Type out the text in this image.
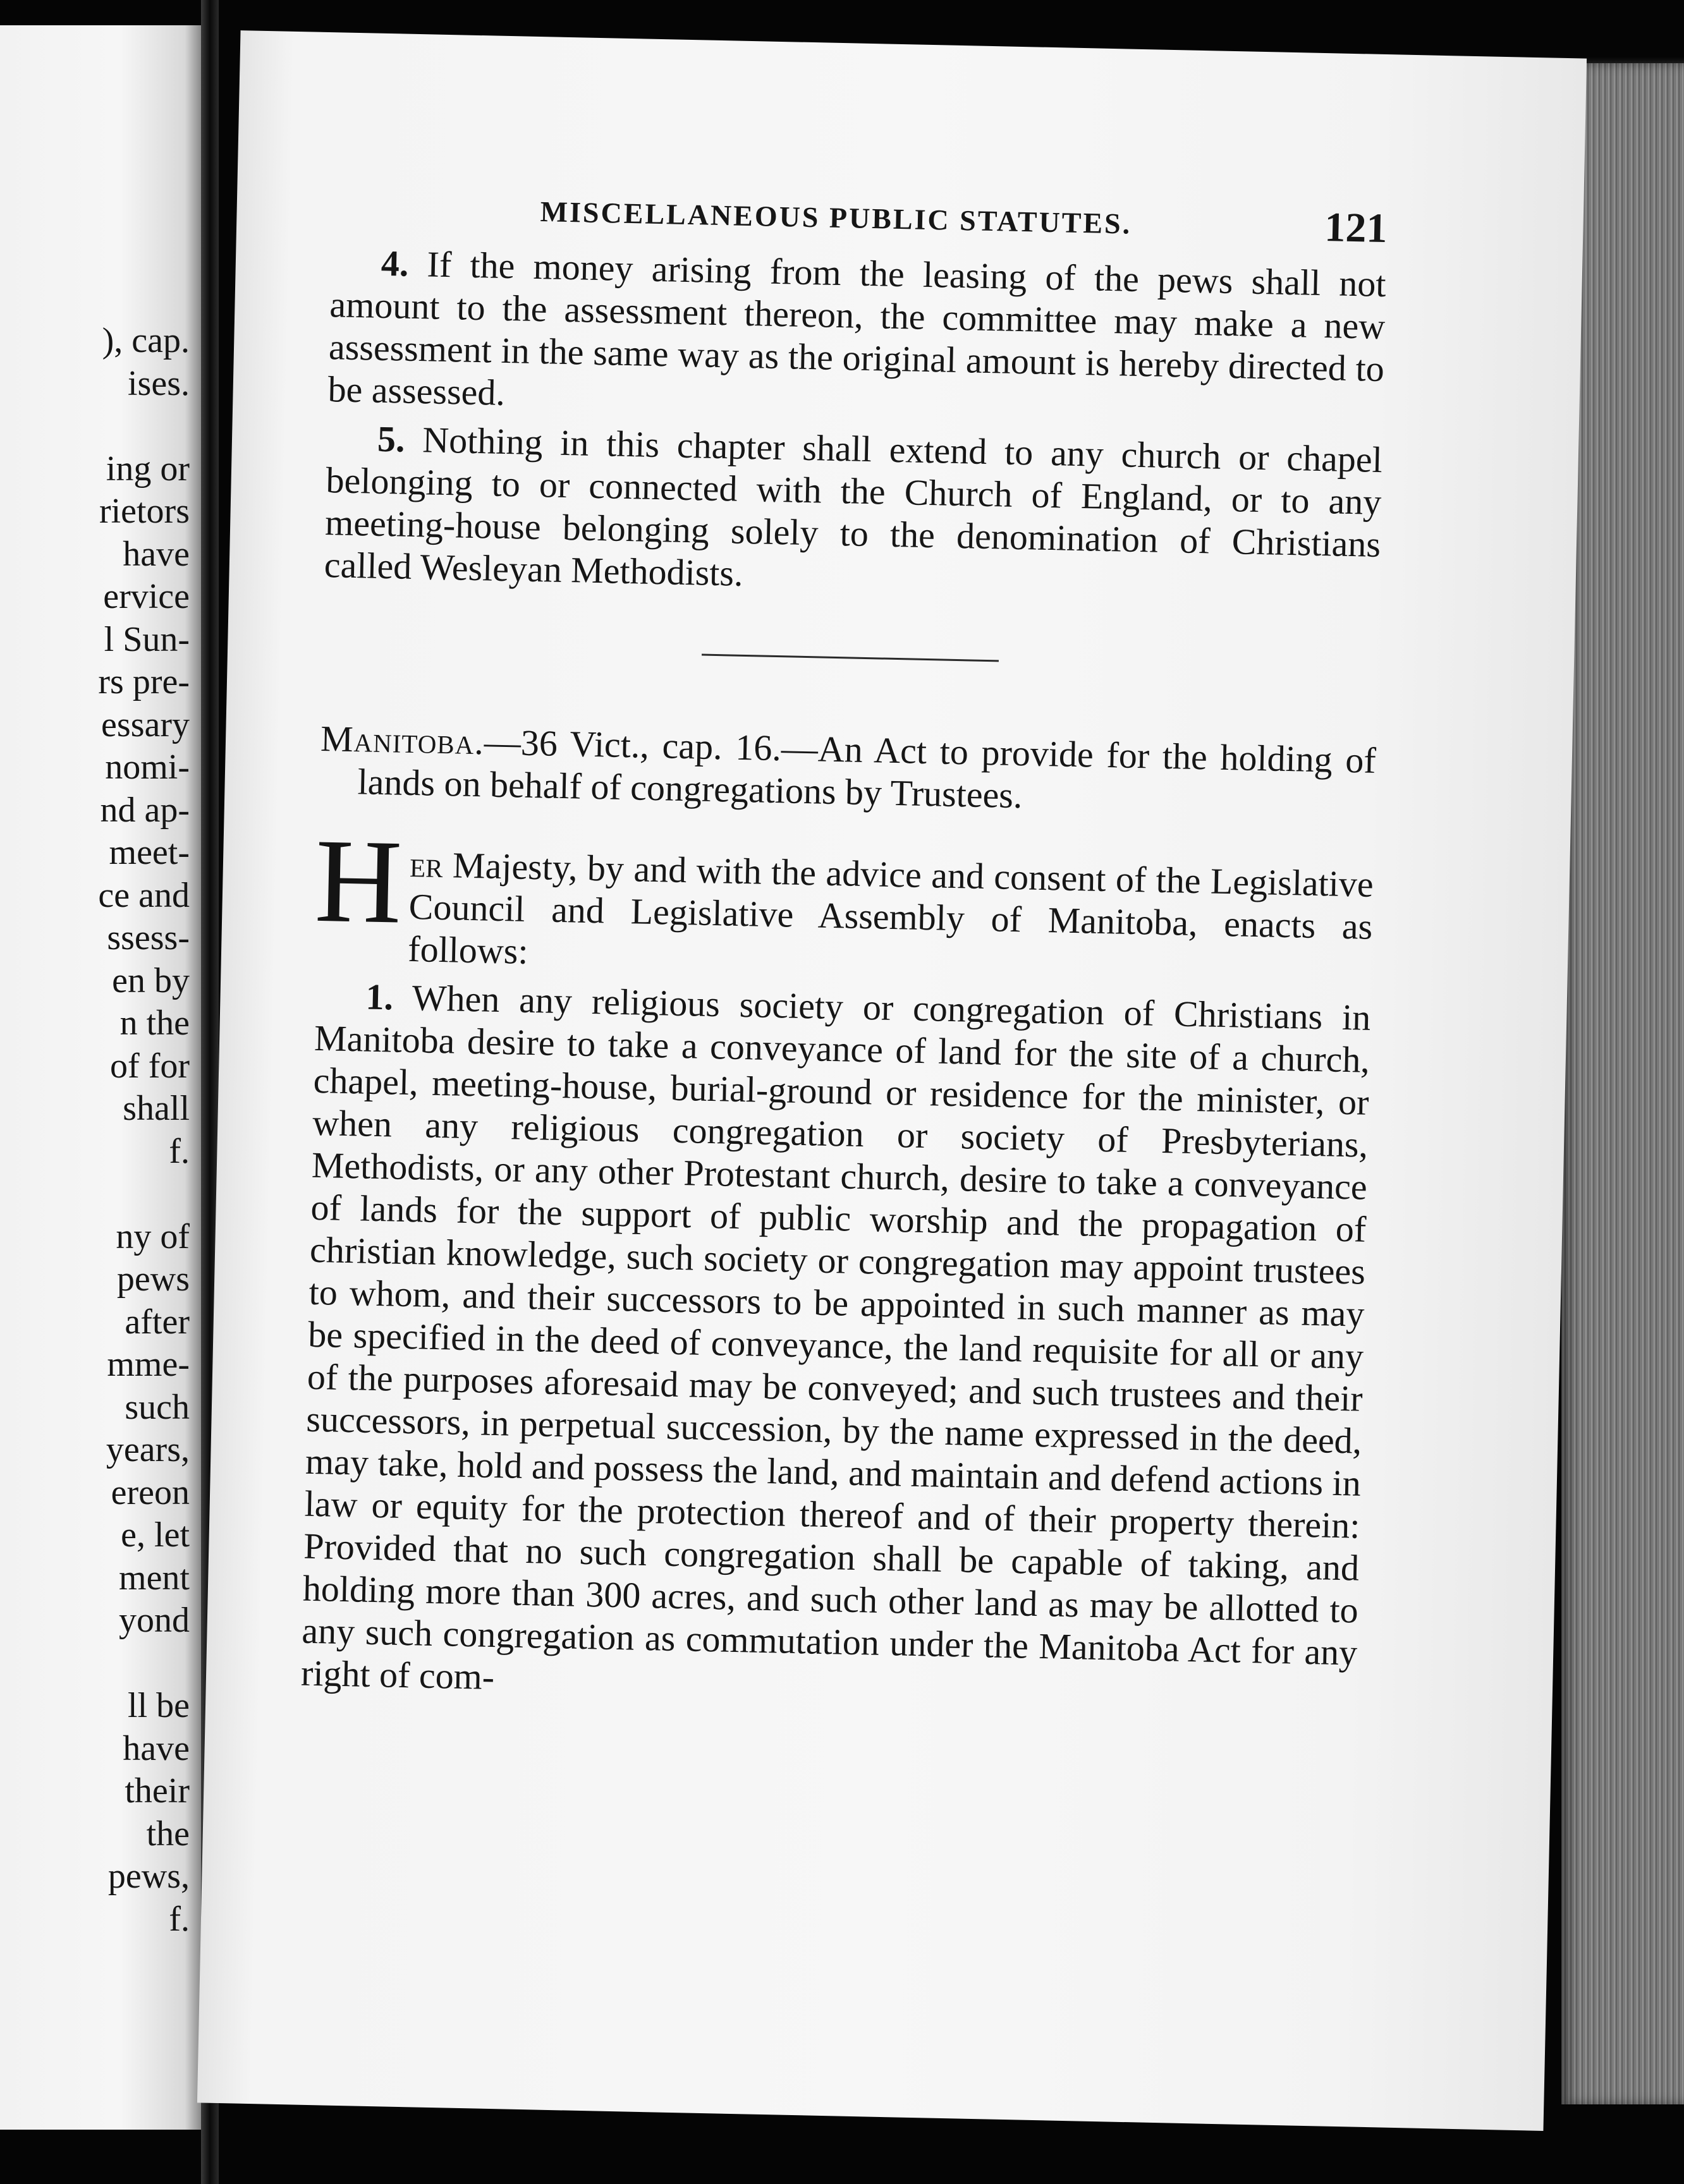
), cap.
ises.
ing or
rietors
have
ervice
l Sun-
rs pre-
essary
nomi-
nd ap-
meet-
ce and
ssess-
en by
n the
of for
shall
f.
ny of
pews
after
mme-
such
years,
ereon
e, let
ment
yond
ll be
have
their
the
pews,
f.
MISCELLANEOUS PUBLIC STATUTES.	121

4. If the money arising from the leasing of the pews shall not amount to the assessment thereon, the committee may make a new assessment in the same way as the original amount is hereby directed to be assessed.

5. Nothing in this chapter shall extend to any church or chapel belonging to or connected with the Church of England, or to any meeting-house belonging solely to the denomination of Christians called Wesleyan Methodists.

Manitoba.—36 Vict., cap. 16.—An Act to provide for the holding of lands on behalf of congregations by Trustees.

H er Majesty, by and with the advice and consent of the Legislative Council and Legislative Assembly of Manitoba, enacts as follows:

1. When any religious society or congregation of Christians in Manitoba desire to take a conveyance of land for the site of a church, chapel, meeting-house, burial-ground or residence for the minister, or when any religious congregation or society of Presbyterians, Methodists, or any other Protestant church, desire to take a conveyance of lands for the support of public worship and the propagation of christian knowledge, such society or congregation may appoint trustees to whom, and their successors to be appointed in such manner as may be specified in the deed of conveyance, the land requisite for all or any of the purposes aforesaid may be conveyed; and such trustees and their successors, in perpetual succession, by the name expressed in the deed, may take, hold and possess the land, and maintain and defend actions in law or equity for the protection thereof and of their property therein: Provided that no such congregation shall be capable of taking, and holding more than 300 acres, and such other land as may be allotted to any such congregation as commutation under the Manitoba Act for any right of com-
